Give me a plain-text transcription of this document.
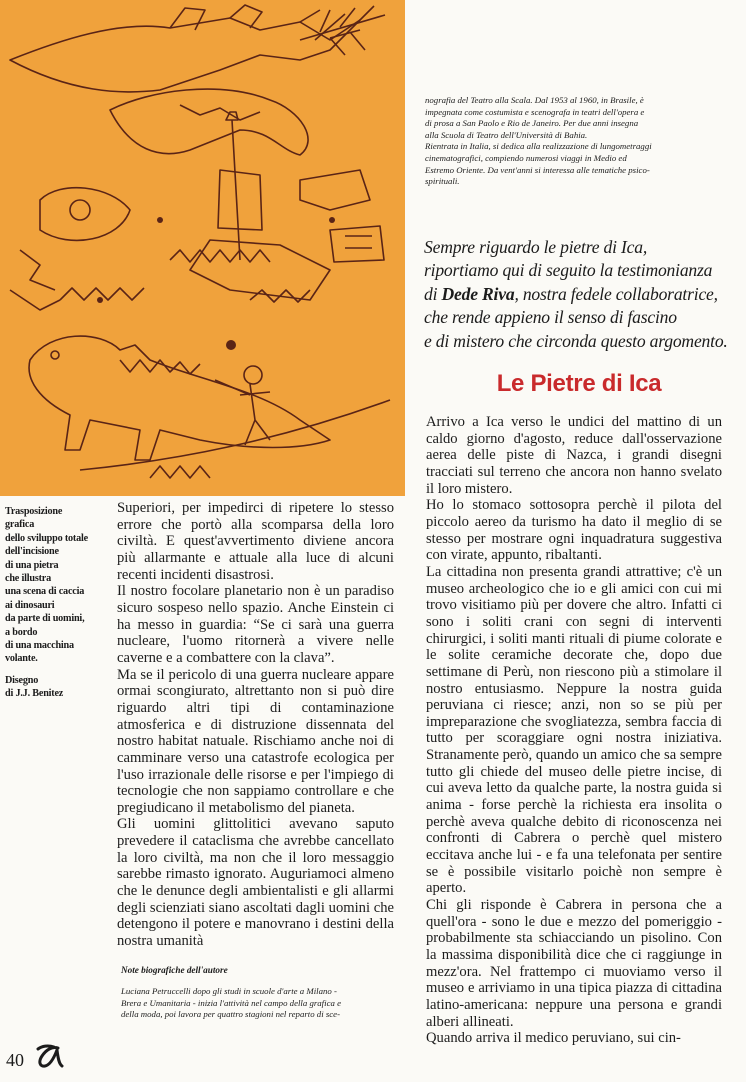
Trasposizione

grafica

dello sviluppo totale

dell'incisione

di una pietra

che illustra

una scena di caccia

ai dinosauri

da parte di uomini,

a bordo

di una macchina

volante.

Disegno

di J.J. Benitez

nografia del Teatro alla Scala. Dal 1953 al 1960, in Brasile, è

impegnata come costumista e scenografa in teatri dell'opera e

di prosa a San Paolo e Rio de Janeiro. Per due anni insegna

alla Scuola di Teatro dell'Università di Bahia.

Rientrata in Italia, si dedica alla realizzazione di lungometraggi

cinematografici, compiendo numerosi viaggi in Medio ed

Estremo Oriente. Da vent'anni si interessa alle tematiche psico-

spirituali.

Sempre riguardo le pietre di Ica,
riportiamo qui di seguito la testimonianza
di Dede Riva, nostra fedele collaboratrice,
che rende appieno il senso di fascino
e di mistero che circonda questo argomento.
Le Pietre di Ica

Superiori, per impedirci di ripetere lo stesso errore che portò alla scomparsa della loro civiltà. E quest'avvertimento diviene ancora più allarmante e attuale alla luce di alcuni recenti incidenti disastrosi.

Il nostro focolare planetario non è un paradiso sicuro sospeso nello spazio. Anche Einstein ci ha messo in guardia: “Se ci sarà una guerra nucleare, l'uomo ritornerà a vivere nelle caverne e a combattere con la clava”.

Ma se il pericolo di una guerra nucleare appare ormai scongiurato, altrettanto non si può dire riguardo altri tipi di contaminazione atmosferica e di distruzione dissennata del nostro habitat natuale. Rischiamo anche noi di camminare verso una catastrofe ecologica per l'uso irrazionale delle risorse e per l'impiego di tecnologie che non sappiamo controllare e che pregiudicano il metabolismo del pianeta.

Gli uomini glittolitici avevano saputo prevedere il cataclisma che avrebbe cancellato la loro civiltà, ma non che il loro messaggio sarebbe rimasto ignorato. Auguriamoci almeno che le denunce degli ambientalisti e gli allarmi degli scienziati siano ascoltati dagli uomini che detengono il potere e manovrano i destini della nostra umanità

Note biografiche dell'autore

Luciana Petruccelli dopo gli studi in scuole d'arte a Milano -

Brera e Umanitaria - inizia l'attività nel campo della grafica e

della moda, poi lavora per quattro stagioni nel reparto di sce-

Arrivo a Ica verso le undici del mattino di un caldo giorno d'agosto, reduce dall'osservazione aerea delle piste di Nazca, i grandi disegni tracciati sul terreno che ancora non hanno svelato il loro mistero.

Ho lo stomaco sottosopra perchè il pilota del piccolo aereo da turismo ha dato il meglio di se stesso per mostrare ogni inquadratura suggestiva con virate, appunto, ribaltanti.

La cittadina non presenta grandi attrattive; c'è un museo archeologico che io e gli amici con cui mi trovo visitiamo più per dovere che altro. Infatti ci sono i soliti crani con segni di interventi chirurgici, i soliti manti rituali di piume colorate e le solite ceramiche decorate che, dopo due settimane di Perù, non riescono più a stimolare il nostro entusiasmo. Neppure la nostra guida peruviana ci riesce; anzi, non so se più per impreparazione che svogliatezza, sembra faccia di tutto per scoraggiare ogni nostra iniziativa. Stranamente però, quando un amico che sa sempre tutto gli chiede del museo delle pietre incise, di cui aveva letto da qualche parte, la nostra guida si anima - forse perchè la richiesta era insolita o perchè aveva qualche debito di riconoscenza nei confronti di Cabrera o perchè quel mistero eccitava anche lui - e fa una telefonata per sentire se è possibile visitarlo poichè non sempre è aperto.

Chi gli risponde è Cabrera in persona che a quell'ora - sono le due e mezzo del pomeriggio - probabilmente sta schiacciando un pisolino. Con la massima disponibilità dice che ci raggiunge in mezz'ora. Nel frattempo ci muoviamo verso il museo e arriviamo in una tipica piazza di cittadina latino-americana: neppure una persona e grandi alberi allineati.

Quando arriva il medico peruviano, sui cin-

40
